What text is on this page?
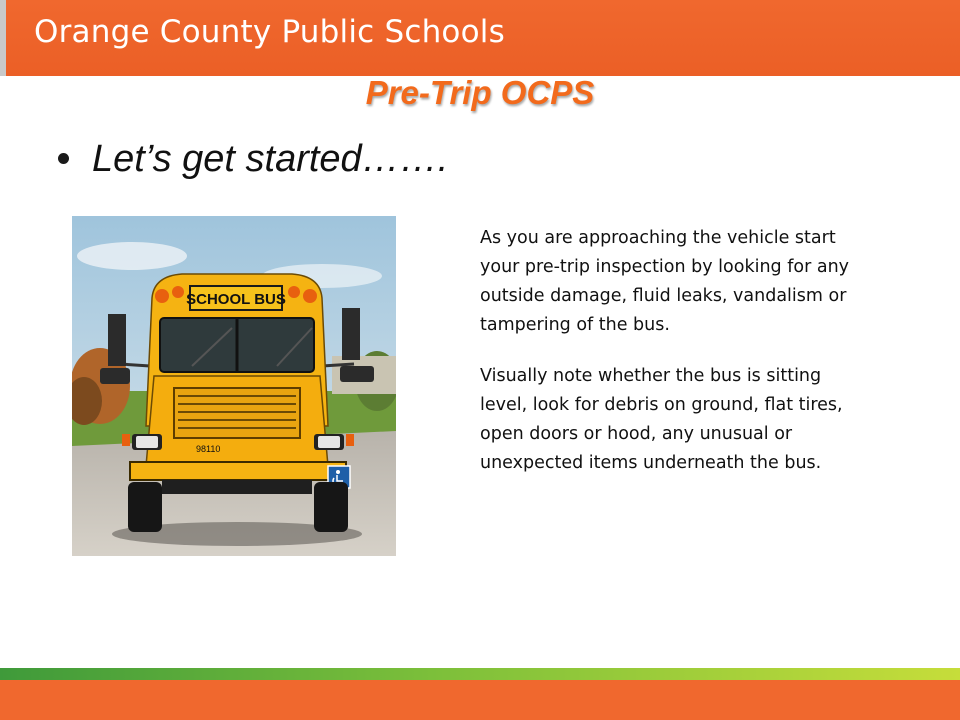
Orange County Public Schools
Pre-Trip OCPS
Let’s get started…….
SCHOOL BUS
98110

As you are approaching the vehicle start your pre-trip inspection by looking for any outside damage, fluid leaks, vandalism or tampering of the bus.

Visually note whether the bus is sitting level, look for debris on ground, flat tires, open doors or hood, any unusual or unexpected items underneath the bus.
